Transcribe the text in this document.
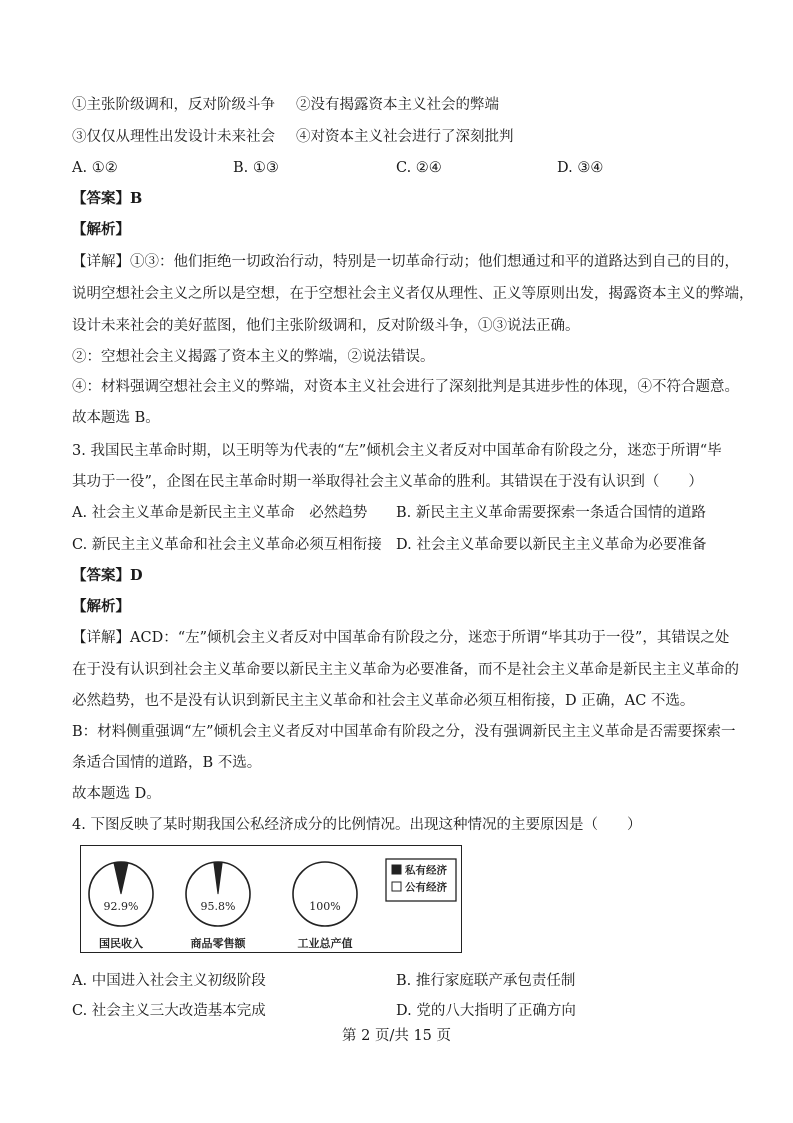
①主张阶级调和，反对阶级斗争 ②没有揭露资本主义社会的弊端
③仅仅从理性出发设计未来社会 ④对资本主义社会进行了深刻批判
A. ①②	B. ①③	C. ②④	D. ③④
【答案】B
【解析】
【详解】①③：他们拒绝一切政治行动，特别是一切革命行动；他们想通过和平的道路达到自己的目的，
说明空想社会主义之所以是空想，在于空想社会主义者仅从理性、正义等原则出发，揭露资本主义的弊端，
设计未来社会的美好蓝图，他们主张阶级调和，反对阶级斗争，①③说法正确。
②：空想社会主义揭露了资本主义的弊端，②说法错误。
④：材料强调空想社会主义的弊端，对资本主义社会进行了深刻批判是其进步性的体现，④不符合题意。
故本题选 B。
3. 我国民主革命时期，以王明等为代表的“左”倾机会主义者反对中国革命有阶段之分，迷恋于所谓“毕
其功于一役”，企图在民主革命时期一举取得社会主义革命的胜利。其错误在于没有认识到（　　）
A. 社会主义革命是新民主主义革命　必然趋势 B. 新民主主义革命需要探索一条适合国情的道路
C. 新民主主义革命和社会主义革命必须互相衔接 D. 社会主义革命要以新民主主义革命为必要准备
【答案】D
【解析】
【详解】ACD：“左”倾机会主义者反对中国革命有阶段之分，迷恋于所谓“毕其功于一役”，其错误之处
在于没有认识到社会主义革命要以新民主主义革命为必要准备，而不是社会主义革命是新民主主义革命的
必然趋势，也不是没有认识到新民主主义革命和社会主义革命必须互相衔接，D 正确，AC 不选。
B：材料侧重强调“左”倾机会主义者反对中国革命有阶段之分，没有强调新民主主义革命是否需要探索一
条适合国情的道路，B 不选。
故本题选 D。
4. 下图反映了某时期我国公私经济成分的比例情况。出现这种情况的主要原因是（　　）
92.9%
国民收入
95.8%
商品零售额
100%
工业总产值
私有经济
公有经济
A. 中国进入社会主义初级阶段	B. 推行家庭联产承包责任制
C. 社会主义三大改造基本完成	D. 党的八大指明了正确方向
第 2 页/共 15 页
